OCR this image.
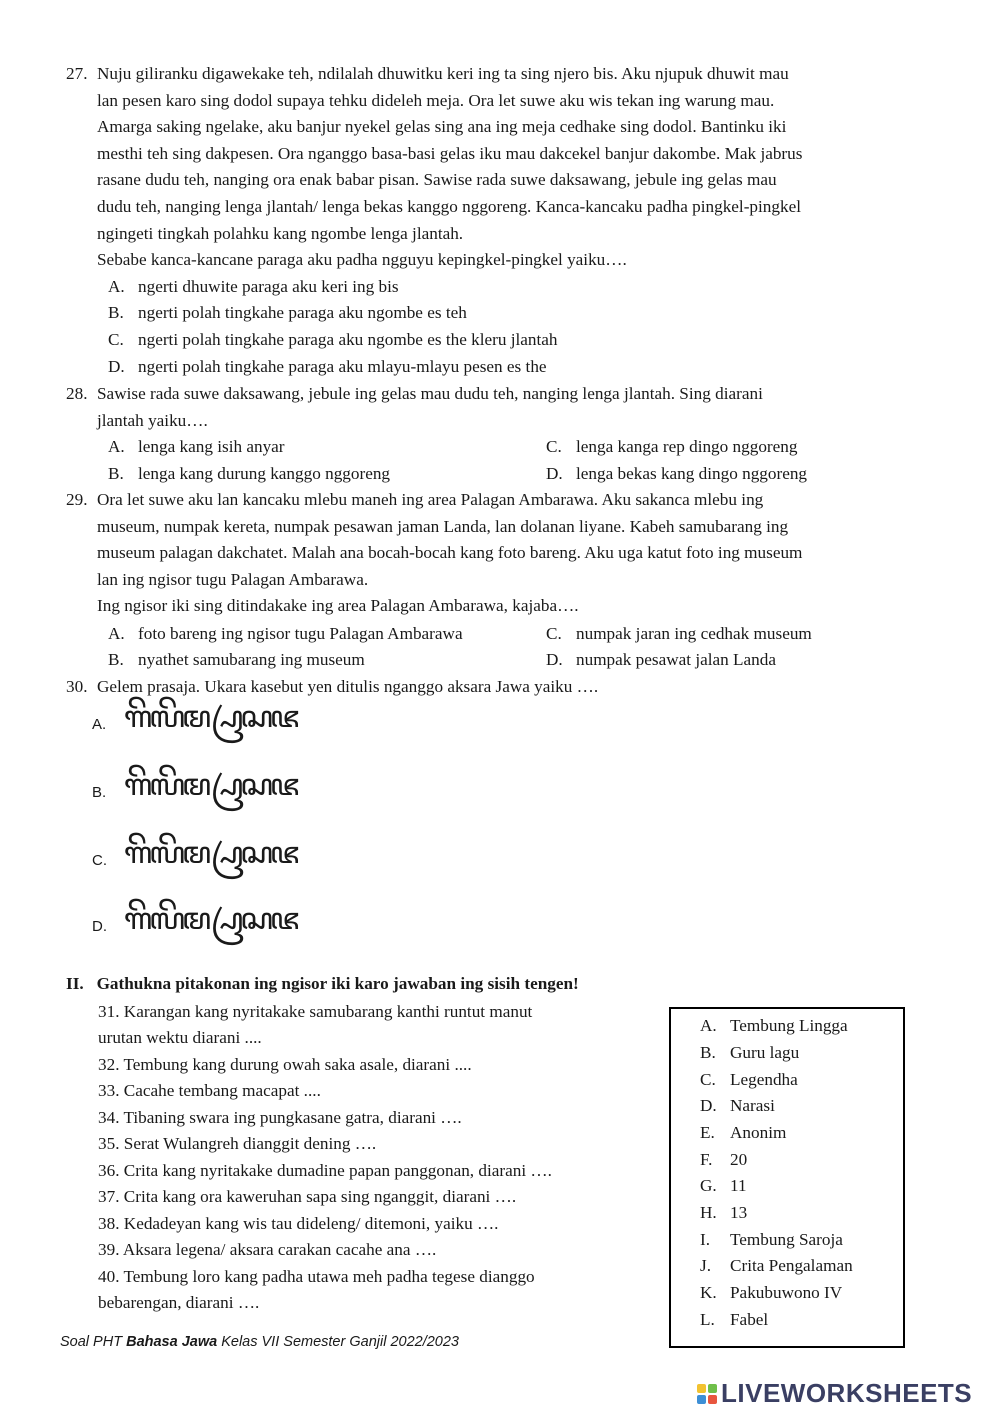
27. Nuju giliranku digawekake teh, ndilalah dhuwitku keri ing ta sing njero bis. Aku njupuk dhuwit mau
lan pesen karo sing dodol supaya tehku dideleh meja. Ora let suwe aku wis tekan ing warung mau.
Amarga saking ngelake, aku banjur nyekel gelas sing ana ing meja cedhake sing dodol. Bantinku iki
mesthi teh sing dakpesen. Ora nganggo basa-basi gelas iku mau dakcekel banjur dakombe. Mak jabrus
rasane dudu teh, nanging ora enak babar pisan. Sawise rada suwe daksawang, jebule ing gelas mau
dudu teh, nanging lenga jlantah/ lenga bekas kanggo nggoreng. Kanca-kancaku padha pingkel-pingkel
ngingeti tingkah polahku kang ngombe lenga jlantah.
Sebabe kanca-kancane paraga aku padha ngguyu kepingkel-pingkel yaiku….
A. ngerti dhuwite paraga aku keri ing bis
B. ngerti polah tingkahe paraga aku ngombe es teh
C. ngerti polah tingkahe paraga aku ngombe es the kleru jlantah
D. ngerti polah tingkahe paraga aku mlayu-mlayu pesen es the
28. Sawise rada suwe daksawang, jebule ing gelas mau dudu teh, nanging lenga jlantah. Sing diarani
jlantah yaiku….
A. lenga kang isih anyar	C. lenga kanga rep dingo nggoreng
B. lenga kang durung kanggo nggoreng	D. lenga bekas kang dingo nggoreng
29. Ora let suwe aku lan kancaku mlebu maneh ing area Palagan Ambarawa. Aku sakanca mlebu ing
museum, numpak kereta, numpak pesawan jaman Landa, lan dolanan liyane. Kabeh samubarang ing
museum palagan dakchatet. Malah ana bocah-bocah kang foto bareng. Aku uga katut foto ing museum
lan ing ngisor tugu Palagan Ambarawa.
Ing ngisor iki sing ditindakake ing area Palagan Ambarawa, kajaba….
A. foto bareng ing ngisor tugu Palagan Ambarawa	C. numpak jaran ing cedhak museum
B. nyathet samubarang ing museum	D. numpak pesawat jalan Landa
30. Gelem prasaja. Ukara kasebut yen ditulis nganggo aksara Jawa yaiku ….
A. ꦒꦼꦭꦼꦩ꧀ꦥꦿꦱꦗ
B. ꦒꦼꦭꦼꦩ꧀ꦥꦿꦱꦗ
C. ꦒꦼꦭꦼꦩ꧀ꦥꦿꦱꦗ
D. ꦒꦼꦭꦼꦩ꧀ꦥꦿꦱꦗ
II.   Gathukna pitakonan ing ngisor iki karo jawaban ing sisih tengen!
31. Karangan kang nyritakake samubarang kanthi runtut manut
urutan wektu diarani ....
32. Tembung kang durung owah saka asale, diarani ....
33. Cacahe tembang macapat ....
34. Tibaning swara ing pungkasane gatra, diarani ….
35. Serat Wulangreh dianggit dening ….
36. Crita kang nyritakake dumadine papan panggonan, diarani ….
37. Crita kang ora kaweruhan sapa sing nganggit, diarani ….
38. Kedadeyan kang wis tau dideleng/ ditemoni, yaiku ….
39. Aksara legena/ aksara carakan cacahe ana ….
40. Tembung loro kang padha utawa meh padha tegese dianggo
bebarengan, diarani ….
A. Tembung Lingga
B. Guru lagu
C. Legendha
D. Narasi
E. Anonim
F. 20
G. 11
H. 13
I. Tembung Saroja
J. Crita Pengalaman
K. Pakubuwono IV
L. Fabel
Soal PHT Bahasa Jawa Kelas VII Semester Ganjil 2022/2023
LIVEWORKSHEETS
